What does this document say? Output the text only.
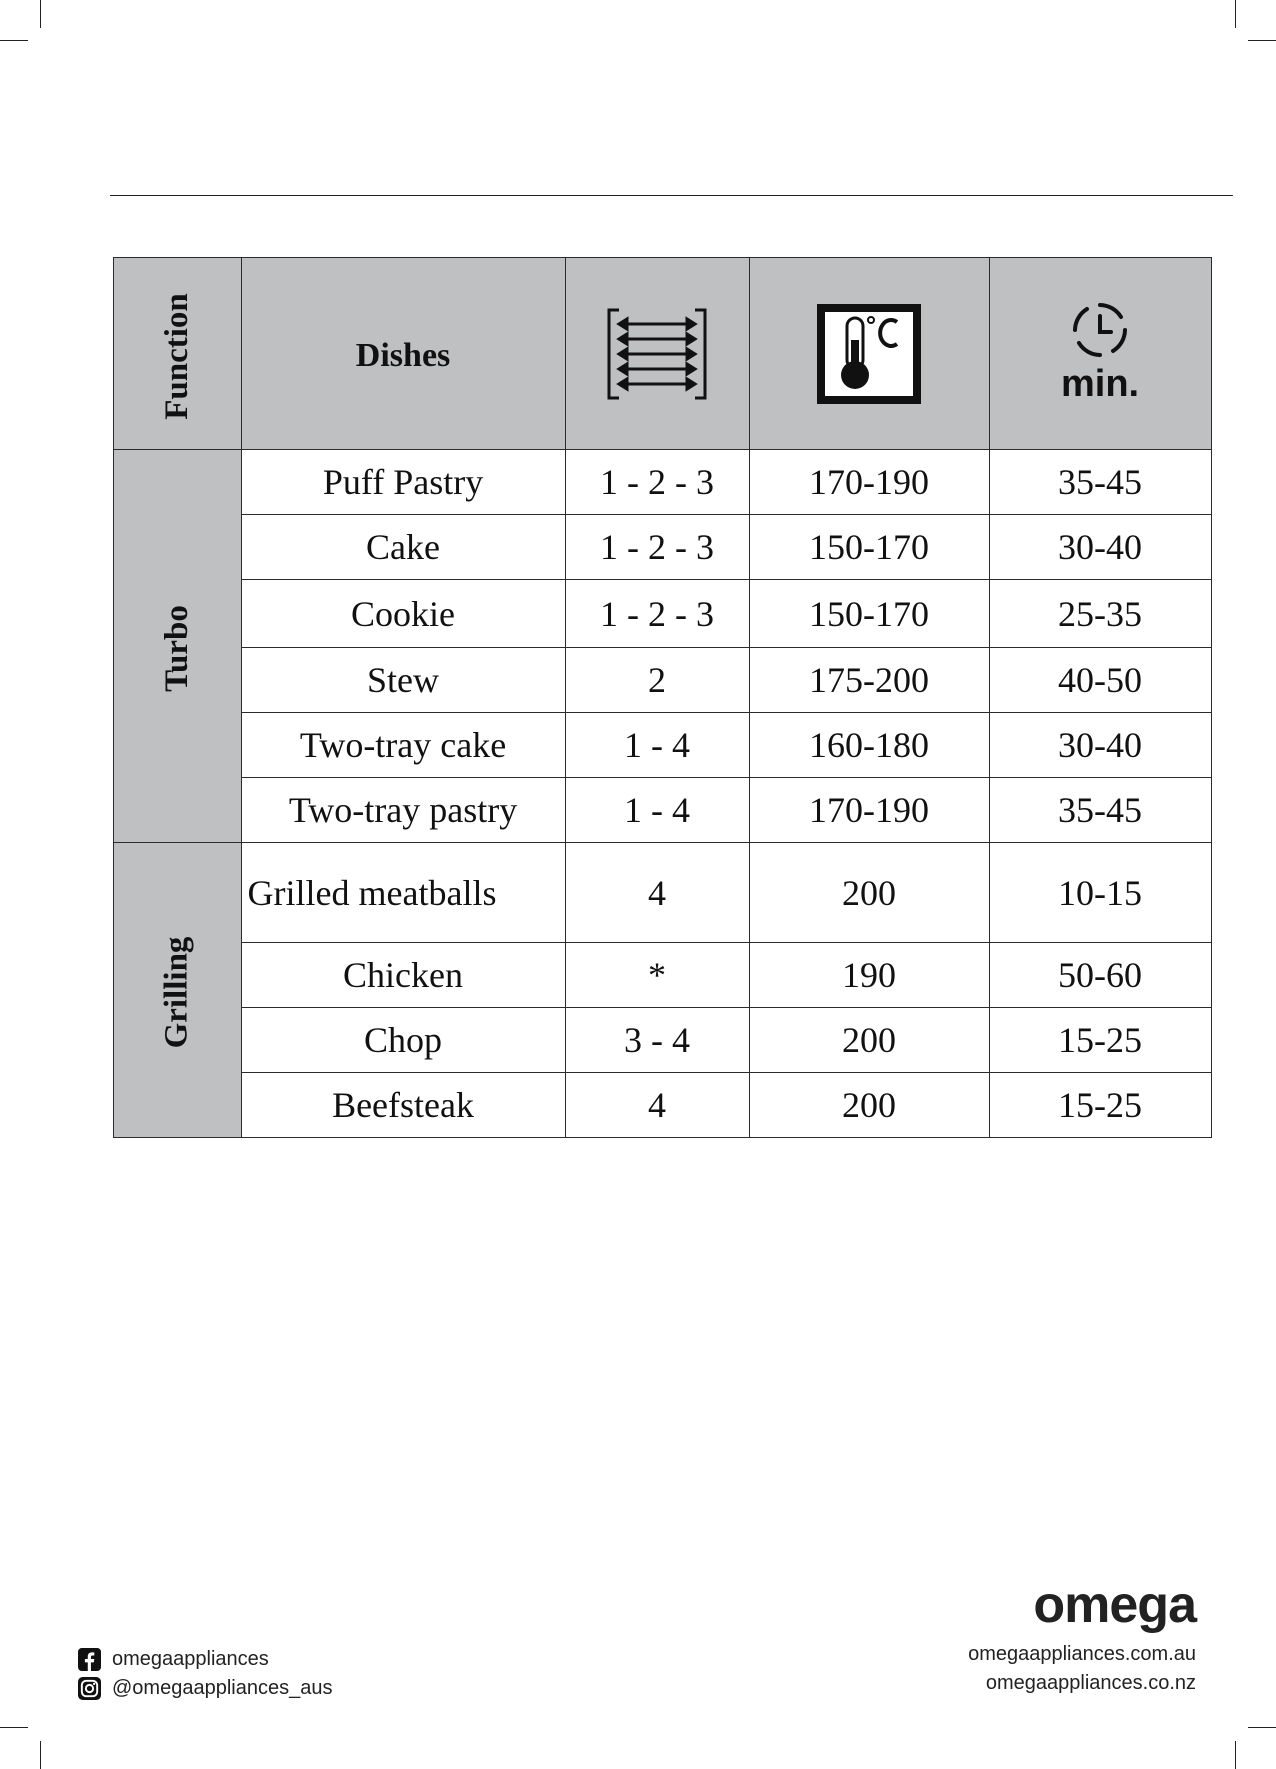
Function	Dishes			min.

Turbo	Puff Pastry	1 - 2 - 3	170-190	35-45
	Cake	1 - 2 - 3	150-170	30-40
	Cookie	1 - 2 - 3	150-170	25-35
	Stew	2	175-200	40-50
	Two-tray cake	1 - 4	160-180	30-40
	Two-tray pastry	1 - 4	170-190	35-45
Grilling	Grilled meatballs	4	200	10-15
	Chicken	*	190	50-60
	Chop	3 - 4	200	15-25
	Beefsteak	4	200	15-25
omegaappliances
@omegaappliances_aus
omega
omegaappliances.com.au
omegaappliances.co.nz
